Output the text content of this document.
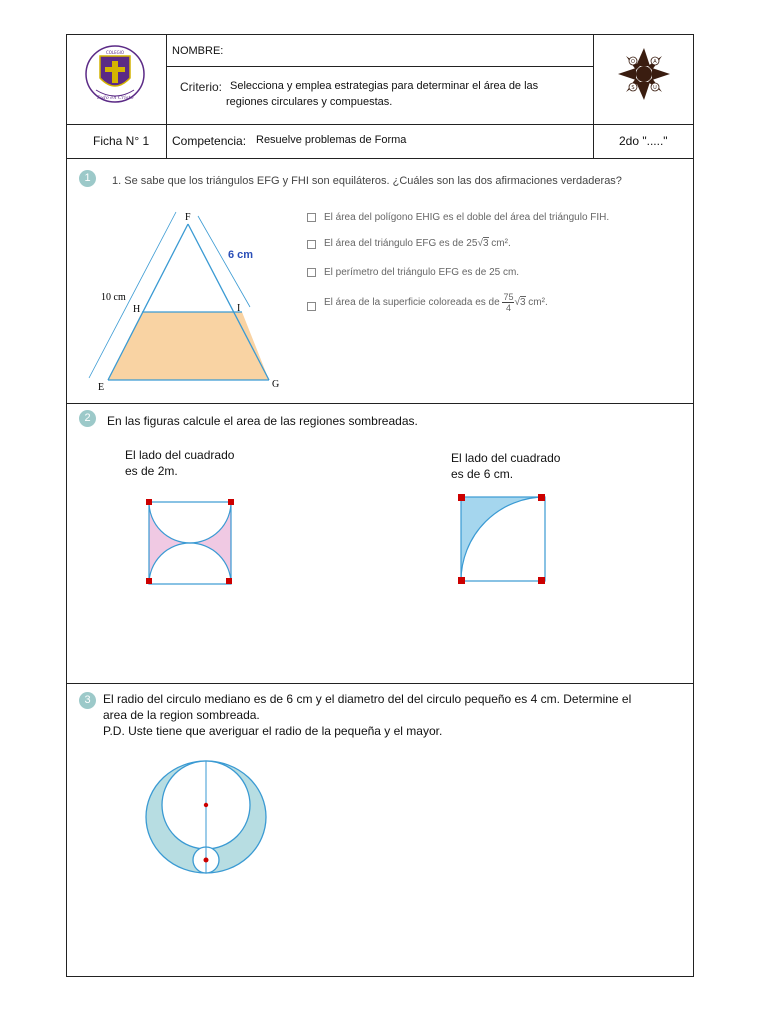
Todo en Cristo
COLEGIO	NOMBRE:
Criterio: Selecciona y emplea estrategias para determinar el área de las
regiones circulares y compuestas.
O	A
S	U
Ficha N° 1 Competencia: Resuelve problemas de Forma	2do "....."
1	1. Se sabe que los triángulos EFG y FHI son equiláteros. ¿Cuáles son las dos afirmaciones verdaderas?
F
H	I
E	G
10 cm
6 cm
El área del polígono EHIG es el doble del área del triángulo FIH.
El área del triángulo EFG es de 25√3 cm².
El perímetro del triángulo EFG es de 25 cm.
El área de la superficie coloreada es de $\frac{75}{4} √3$ cm².
2	En las figuras calcule el area de las regiones sombreadas.
El lado del cuadrado
es de 2m.
El lado del cuadrado
es de 6 cm.
3	El radio del circulo mediano es de 6 cm y el diametro del del circulo pequeño es 4 cm. Determine el
area de la region sombreada.
P.D. Uste tiene que averiguar el radio de la pequeña y el mayor.
